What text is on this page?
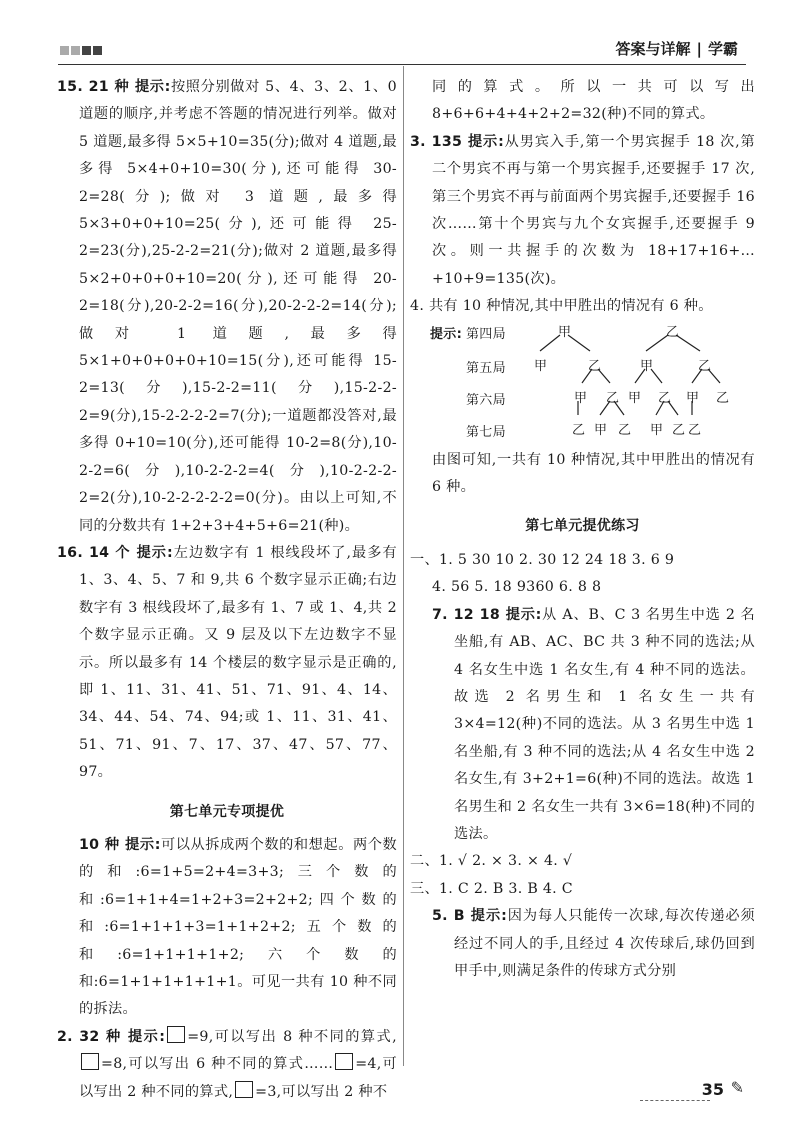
答案与详解 | 学霸

15. 21 种 提示:按照分别做对 5、4、3、2、1、0 道题的顺序,并考虑不答题的情况进行列举。做对 5 道题,最多得 5×5+10=35(分);做对 4 道题,最多得 5×4+0+10=30(分),还可能得 30-2=28(分);做对 3 道题,最多得 5×3+0+0+10=25(分),还可能得 25-2=23(分),25-2-2=21(分);做对 2 道题,最多得 5×2+0+0+0+10=20(分),还可能得 20-2=18(分),20-2-2=16(分),20-2-2-2=14(分);做对 1 道题,最多得 5×1+0+0+0+0+10=15(分),还可能得 15-2=13(分),15-2-2=11(分),15-2-2-2=9(分),15-2-2-2-2=7(分);一道题都没答对,最多得 0+10=10(分),还可能得 10-2=8(分),10-2-2=6(分),10-2-2-2=4(分),10-2-2-2-2=2(分),10-2-2-2-2-2=0(分)。由以上可知,不同的分数共有 1+2+3+4+5+6=21(种)。

16. 14 个 提示:左边数字有 1 根线段坏了,最多有 1、3、4、5、7 和 9,共 6 个数字显示正确;右边数字有 3 根线段坏了,最多有 1、7 或 1、4,共 2 个数字显示正确。又 9 层及以下左边数字不显示。所以最多有 14 个楼层的数字显示是正确的,即 1、11、31、41、51、71、91、4、14、34、44、54、74、94;或 1、11、31、41、51、71、91、7、17、37、47、57、77、97。

第七单元专项提优

10 种 提示:可以从拆成两个数的和想起。两个数的和:6=1+5=2+4=3+3;三个数的和:6=1+1+4=1+2+3=2+2+2;四个数的和:6=1+1+1+3=1+1+2+2;五个数的和:6=1+1+1+1+2;六个数的和:6=1+1+1+1+1+1。可见一共有 10 种不同的拆法。

2. 32 种 提示: =9,可以写出 8 种不同的算式,=8,可以写出 6 种不同的算式…… =4,可以写出 2 种不同的算式, =3,可以写出 2 种不

同的算式。所以一共可以写出 8+6+6+4+4+2+2=32(种)不同的算式。

3. 135 提示:从男宾入手,第一个男宾握手 18 次,第二个男宾不再与第一个男宾握手,还要握手 17 次,第三个男宾不再与前面两个男宾握手,还要握手 16 次……第十个男宾与九个女宾握手,还要握手 9 次。则一共握手的次数为 18+17+16+…+10+9=135(次)。

4. 共有 10 种情况,其中甲胜出的情况有 6 种。

提示: 第四局
第五局
第六局
第七局
甲	乙
甲	乙	甲	乙
甲 乙 甲 乙 甲 乙
乙 甲 乙 甲 乙 乙

由图可知,一共有 10 种情况,其中甲胜出的情况有 6 种。

第七单元提优练习

一、1. 5 30 10 2. 30 12 24 18 3. 6 9

4. 56 5. 18 9360 6. 8 8

7. 12 18 提示:从 A、B、C 3 名男生中选 2 名坐船,有 AB、AC、BC 共 3 种不同的选法;从 4 名女生中选 1 名女生,有 4 种不同的选法。故选 2 名男生和 1 名女生一共有 3×4=12(种)不同的选法。从 3 名男生中选 1 名坐船,有 3 种不同的选法;从 4 名女生中选 2 名女生,有 3+2+1=6(种)不同的选法。故选 1 名男生和 2 名女生一共有 3×6=18(种)不同的选法。

二、1. √ 2. × 3. × 4. √

三、1. C 2. B 3. B 4. C

5. B 提示:因为每人只能传一次球,每次传递必须经过不同人的手,且经过 4 次传球后,球仍回到甲手中,则满足条件的传球方式分别

35 ✎
